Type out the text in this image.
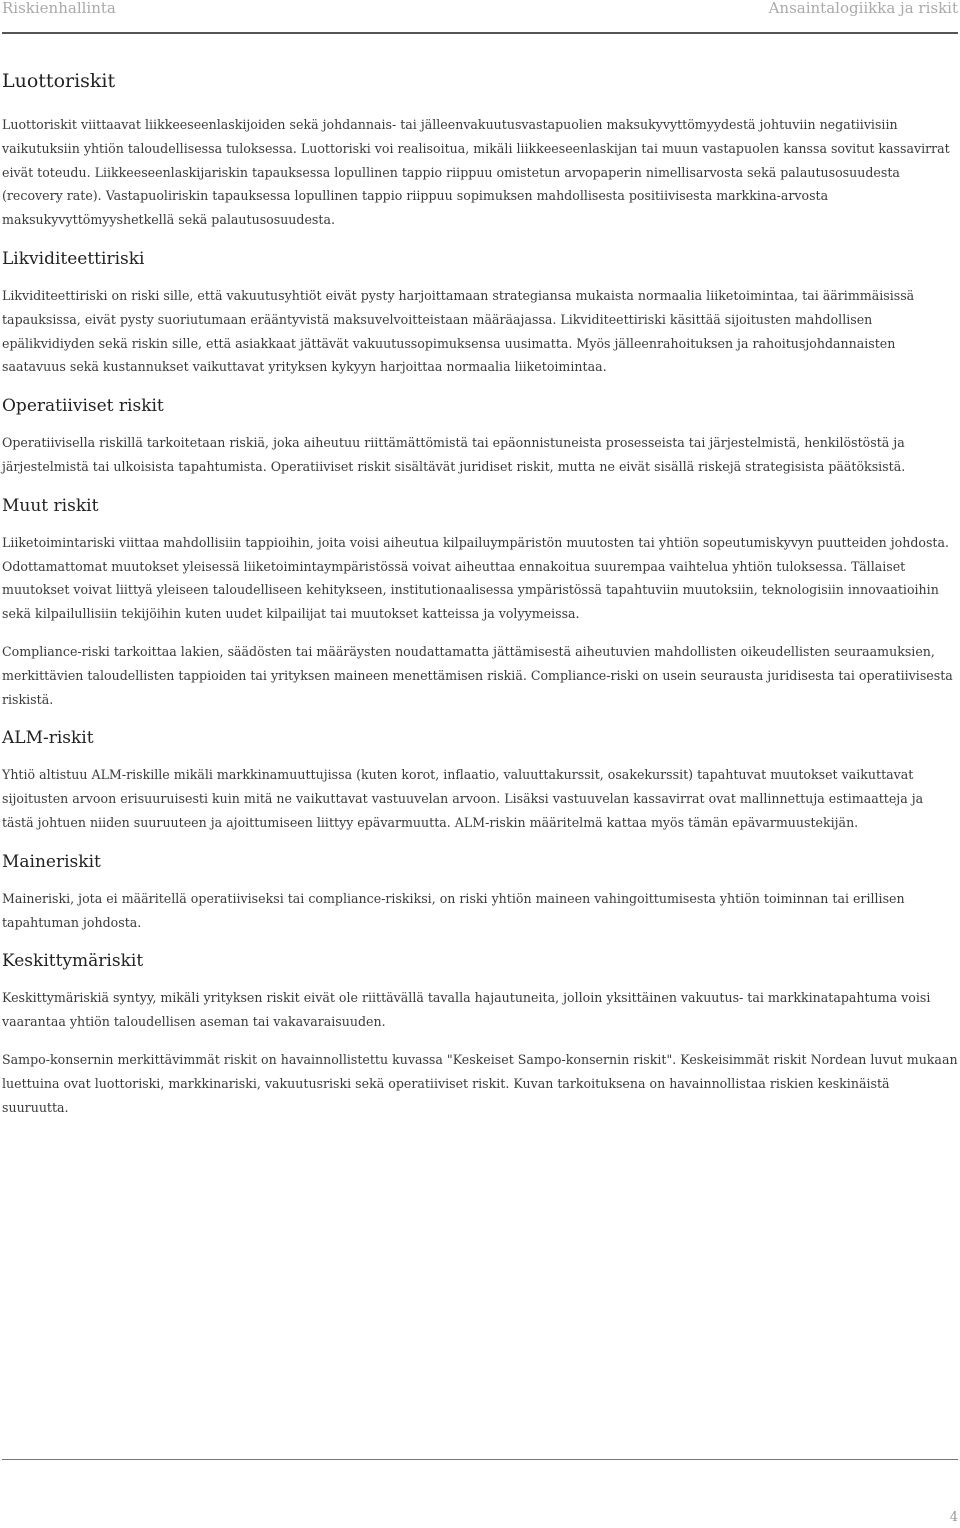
Riskienhallinta	Ansaintalogiikka ja riskit
Luottoriskit

Luottoriskit viittaavat liikkeeseenlaskijoiden sekä johdannais- tai jälleenvakuutusvastapuolien maksukyvyttömyydestä johtuviin negatiivisiin vaikutuksiin yhtiön taloudellisessa tuloksessa. Luottoriski voi realisoitua, mikäli liikkeeseenlaskijan tai muun vastapuolen kanssa sovitut kassavirrat eivät toteudu. Liikkeeseenlaskijariskin tapauksessa lopullinen tappio riippuu omistetun arvopaperin nimellisarvosta sekä palautusosuudesta (recovery rate). Vastapuoliriskin tapauksessa lopullinen tappio riippuu sopimuksen mahdollisesta positiivisesta markkina-arvosta maksukyvyttömyyshetkellä sekä palautusosuudesta.

Likviditeettiriski

Likviditeettiriski on riski sille, että vakuutusyhtiöt eivät pysty harjoittamaan strategiansa mukaista normaalia liiketoimintaa, tai äärimmäisissä tapauksissa, eivät pysty suoriutumaan erääntyvistä maksuvelvoitteistaan määräajassa. Likviditeettiriski käsittää sijoitusten mahdollisen epälikvidiyden sekä riskin sille, että asiakkaat jättävät vakuutussopimuksensa uusimatta. Myös jälleenrahoituksen ja rahoitusjohdannaisten saatavuus sekä kustannukset vaikuttavat yrityksen kykyyn harjoittaa normaalia liiketoimintaa.

Operatiiviset riskit

Operatiivisella riskillä tarkoitetaan riskiä, joka aiheutuu riittämättömistä tai epäonnistuneista prosesseista tai järjestelmistä, henkilöstöstä ja järjestelmistä tai ulkoisista tapahtumista. Operatiiviset riskit sisältävät juridiset riskit, mutta ne eivät sisällä riskejä strategisista päätöksistä.

Muut riskit

Liiketoimintariski viittaa mahdollisiin tappioihin, joita voisi aiheutua kilpailuympäristön muutosten tai yhtiön sopeutumiskyvyn puutteiden johdosta. Odottamattomat muutokset yleisessä liiketoimintaympäristössä voivat aiheuttaa ennakoitua suurempaa vaihtelua yhtiön tuloksessa. Tällaiset muutokset voivat liittyä yleiseen taloudelliseen kehitykseen, institutionaalisessa ympäristössä tapahtuviin muutoksiin, teknologisiin innovaatioihin sekä kilpailullisiin tekijöihin kuten uudet kilpailijat tai muutokset katteissa ja volyymeissa.

Compliance-riski tarkoittaa lakien, säädösten tai määräysten noudattamatta jättämisestä aiheutuvien mahdollisten oikeudellisten seuraamuksien, merkittävien taloudellisten tappioiden tai yrityksen maineen menettämisen riskiä. Compliance-riski on usein seurausta juridisesta tai operatiivisesta riskistä.

ALM-riskit

Yhtiö altistuu ALM-riskille mikäli markkinamuuttujissa (kuten korot, inflaatio, valuuttakurssit, osakekurssit) tapahtuvat muutokset vaikuttavat sijoitusten arvoon erisuuruisesti kuin mitä ne vaikuttavat vastuuvelan arvoon. Lisäksi vastuuvelan kassavirrat ovat mallinnettuja estimaatteja ja tästä johtuen niiden suuruuteen ja ajoittumiseen liittyy epävarmuutta. ALM-riskin määritelmä kattaa myös tämän epävarmuustekijän.

Maineriskit

Maineriski, jota ei määritellä operatiiviseksi tai compliance-riskiksi, on riski yhtiön maineen vahingoittumisesta yhtiön toiminnan tai erillisen tapahtuman johdosta.

Keskittymäriskit

Keskittymäriskiä syntyy, mikäli yrityksen riskit eivät ole riittävällä tavalla hajautuneita, jolloin yksittäinen vakuutus- tai markkinatapahtuma voisi vaarantaa yhtiön taloudellisen aseman tai vakavaraisuuden.

Sampo-konsernin merkittävimmät riskit on havainnollistettu kuvassa "Keskeiset Sampo-konsernin riskit". Keskeisimmät riskit Nordean luvut mukaan luettuina ovat luottoriski, markkinariski, vakuutusriski sekä operatiiviset riskit. Kuvan tarkoituksena on havainnollistaa riskien keskinäistä suuruutta.

4
